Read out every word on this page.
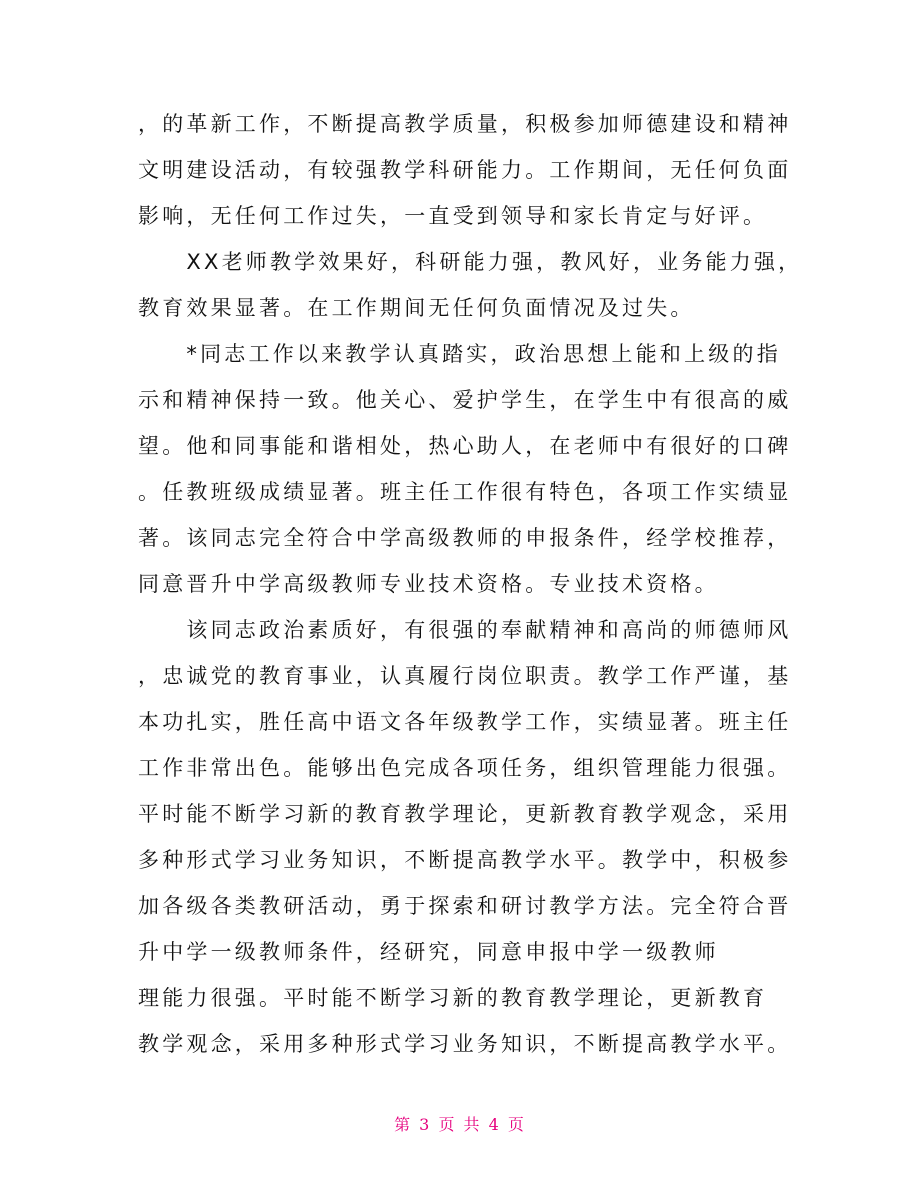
，的革新工作，不断提高教学质量，积极参加师德建设和精神
文明建设活动，有较强教学科研能力。工作期间，无任何负面
影响，无任何工作过失，一直受到领导和家长肯定与好评。
　　XX老师教学效果好，科研能力强，教风好，业务能力强，
教育效果显著。在工作期间无任何负面情况及过失。
　　*同志工作以来教学认真踏实，政治思想上能和上级的指
示和精神保持一致。他关心、爱护学生，在学生中有很高的威
望。他和同事能和谐相处，热心助人，在老师中有很好的口碑
。任教班级成绩显著。班主任工作很有特色，各项工作实绩显
著。该同志完全符合中学高级教师的申报条件，经学校推荐，
同意晋升中学高级教师专业技术资格。专业技术资格。
　　该同志政治素质好，有很强的奉献精神和高尚的师德师风
，忠诚党的教育事业，认真履行岗位职责。教学工作严谨，基
本功扎实，胜任高中语文各年级教学工作，实绩显著。班主任
工作非常出色。能够出色完成各项任务，组织管理能力很强。
平时能不断学习新的教育教学理论，更新教育教学观念，采用
多种形式学习业务知识，不断提高教学水平。教学中，积极参
加各级各类教研活动，勇于探索和研讨教学方法。完全符合晋
升中学一级教师条件，经研究，同意申报中学一级教师
理能力很强。平时能不断学习新的教育教学理论，更新教育
教学观念，采用多种形式学习业务知识，不断提高教学水平。
第 3 页 共 4 页
